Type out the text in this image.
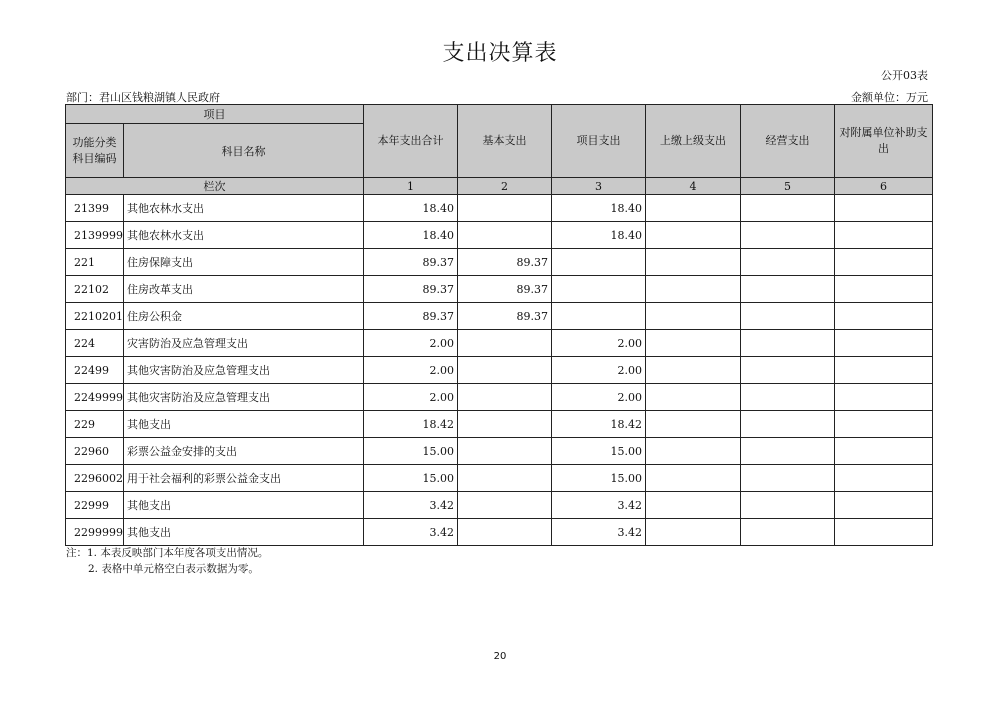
支出决算表
公开03表
部门：君山区钱粮湖镇人民政府	金额单位：万元
项目		本年支出合计	基本支出	项目支出	上缴上级支出	经营支出	对附属单位补助支出
功能分类科目编码	科目名称						
栏次		1	2	3	4	5	6
21399	其他农林水支出	18.40		18.40			
2139999	其他农林水支出	18.40		18.40			
221	住房保障支出	89.37	89.37				
22102	住房改革支出	89.37	89.37				
2210201	住房公积金	89.37	89.37				
224	灾害防治及应急管理支出	2.00		2.00			
22499	其他灾害防治及应急管理支出	2.00		2.00			
2249999	其他灾害防治及应急管理支出	2.00		2.00			
229	其他支出	18.42		18.42			
22960	彩票公益金安排的支出	15.00		15.00			
2296002	用于社会福利的彩票公益金支出	15.00		15.00			
22999	其他支出	3.42		3.42			
2299999	其他支出	3.42		3.42			
注：1. 本表反映部门本年度各项支出情况。
2. 表格中单元格空白表示数据为零。
20
